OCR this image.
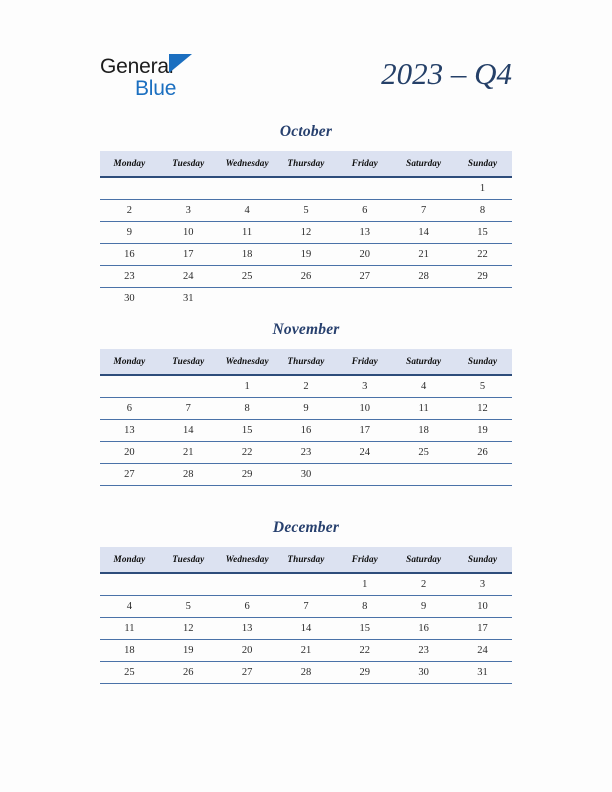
General
Blue	2023 – Q4
October
Monday	Tuesday	Wednesday	Thursday	Friday	Saturday	Sunday
						1
2	3	4	5	6	7	8
9	10	11	12	13	14	15
16	17	18	19	20	21	22
23	24	25	26	27	28	29
30	31					
November
Monday	Tuesday	Wednesday	Thursday	Friday	Saturday	Sunday
		1	2	3	4	5
6	7	8	9	10	11	12
13	14	15	16	17	18	19
20	21	22	23	24	25	26
27	28	29	30			
December
Monday	Tuesday	Wednesday	Thursday	Friday	Saturday	Sunday
				1	2	3
4	5	6	7	8	9	10
11	12	13	14	15	16	17
18	19	20	21	22	23	24
25	26	27	28	29	30	31
